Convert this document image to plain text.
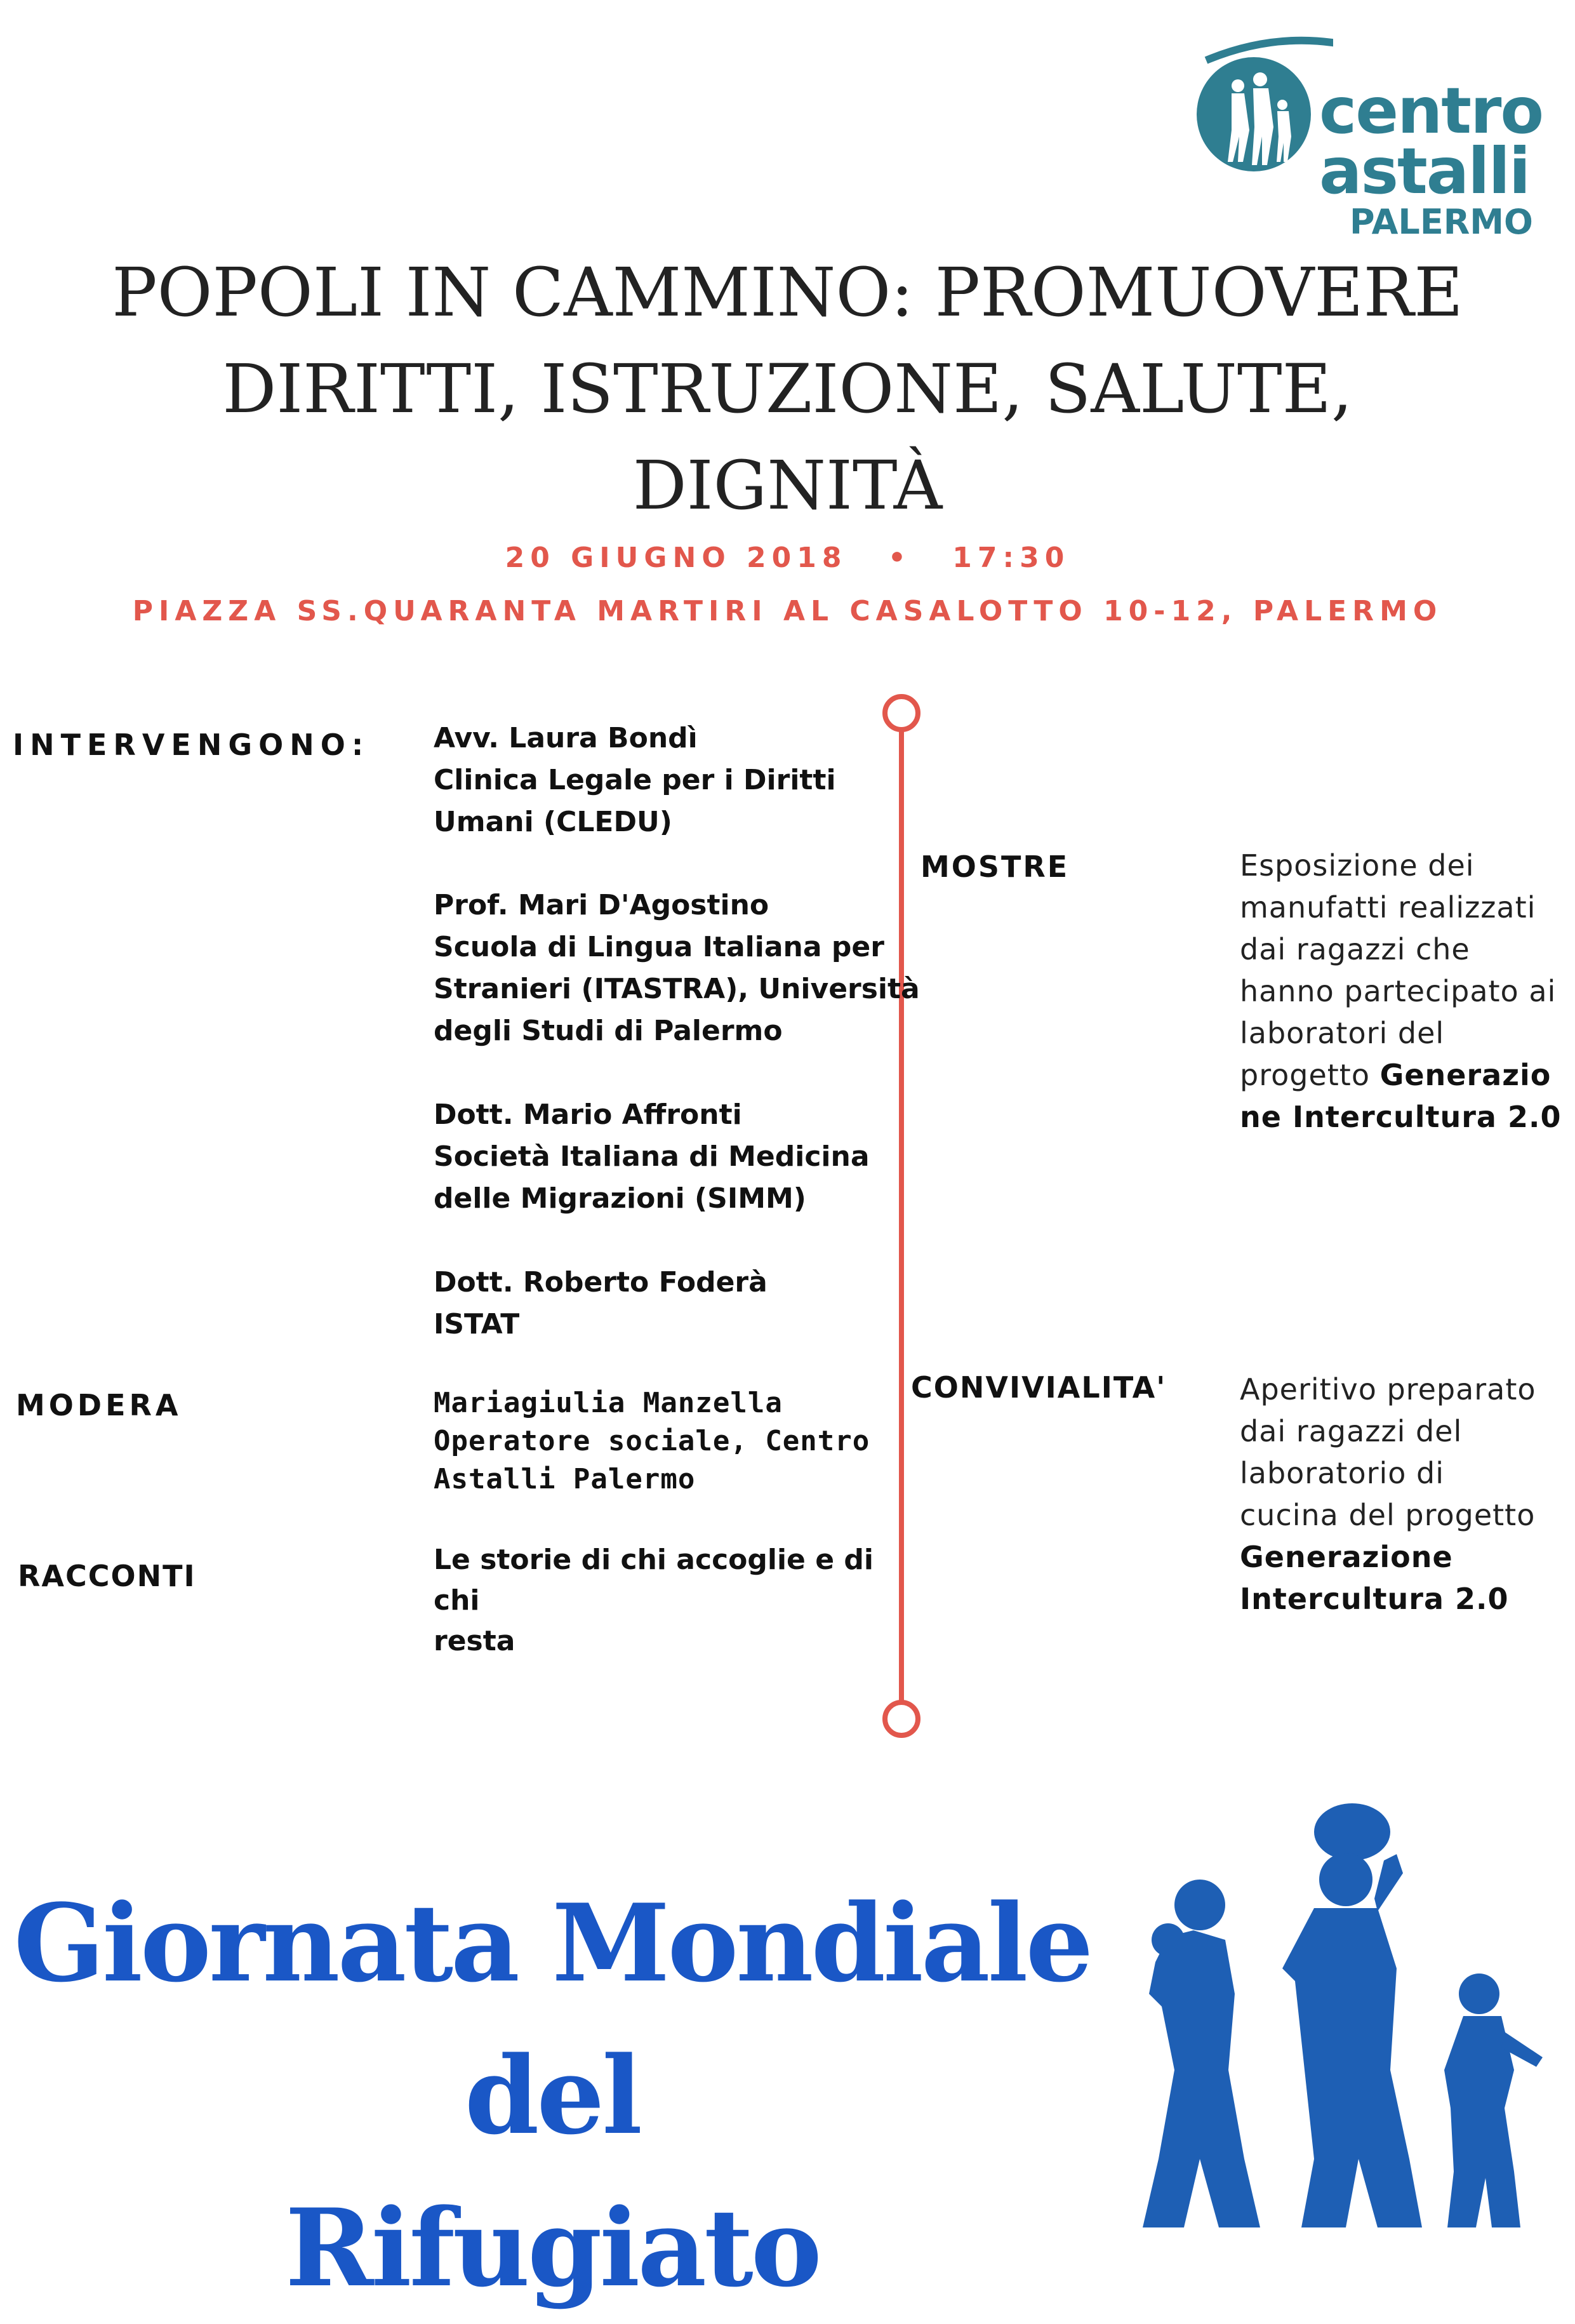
centro
astalli
PALERMO
POPOLI IN CAMMINO: PROMUOVERE
DIRITTI, ISTRUZIONE, SALUTE,
DIGNITÀ
20 GIUGNO 2018 • 17:30
PIAZZA SS.QUARANTA MARTIRI AL CASALOTTO 10-12, PALERMO
INTERVENGONO:
MODERA
RACCONTI
Avv. Laura Bondì
Clinica Legale per i Diritti
Umani (CLEDU)
Prof. Mari D'Agostino
Scuola di Lingua Italiana per
Stranieri (ITASTRA), Università
degli Studi di Palermo
Dott. Mario Affronti
Società Italiana di Medicina
delle Migrazioni (SIMM)
Dott. Roberto Foderà
ISTAT
Mariagiulia Manzella
Operatore sociale, Centro
Astalli Palermo
Le storie di chi accoglie e di chi
resta
MOSTRE	Esposizione dei
manufatti realizzati
dai ragazzi che
hanno partecipato ai
laboratori del
progetto Generazio
ne Intercultura 2.0
CONVIVIALITA'	Aperitivo preparato
dai ragazzi del
laboratorio di
cucina del progetto
Generazione
Intercultura 2.0
Giornata Mondiale del
Rifugiato
